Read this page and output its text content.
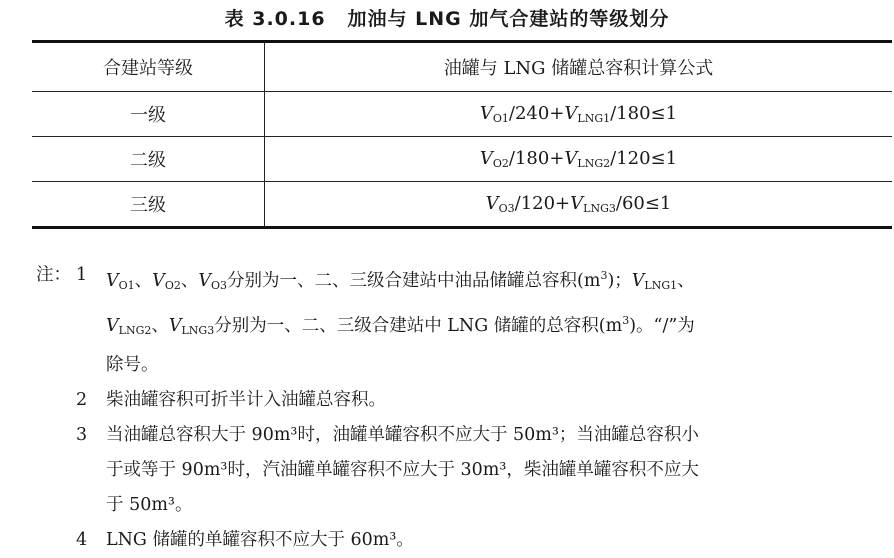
表 3.0.16 加油与 LNG 加气合建站的等级划分
合建站等级	油罐与 LNG 储罐总容积计算公式
一级	$V_{O1}/240+V_{LNG1}/180\le 1$
二级	$V_{O2}/180+V_{LNG2}/120\le 1$
三级	$V_{O3}/120+V_{LNG3}/60\le 1$
注： 1	$V_{O1}$、$V_{O2}$、$V_{O3}$分别为一、二、三级合建站中油品储罐总容积$(m^3)$；$V_{LNG1}$、
$V_{LNG2}$、$V_{LNG3}$分别为一、二、三级合建站中 LNG 储罐的总容积$(m^3)$。“/”为
除号。
2	柴油罐容积可折半计入油罐总容积。
3	当油罐总容积大于 90m³时，油罐单罐容积不应大于 50m³；当油罐总容积小
于或等于 90m³时，汽油罐单罐容积不应大于 30m³，柴油罐单罐容积不应大
于 50m³。
4	LNG 储罐的单罐容积不应大于 60m³。
